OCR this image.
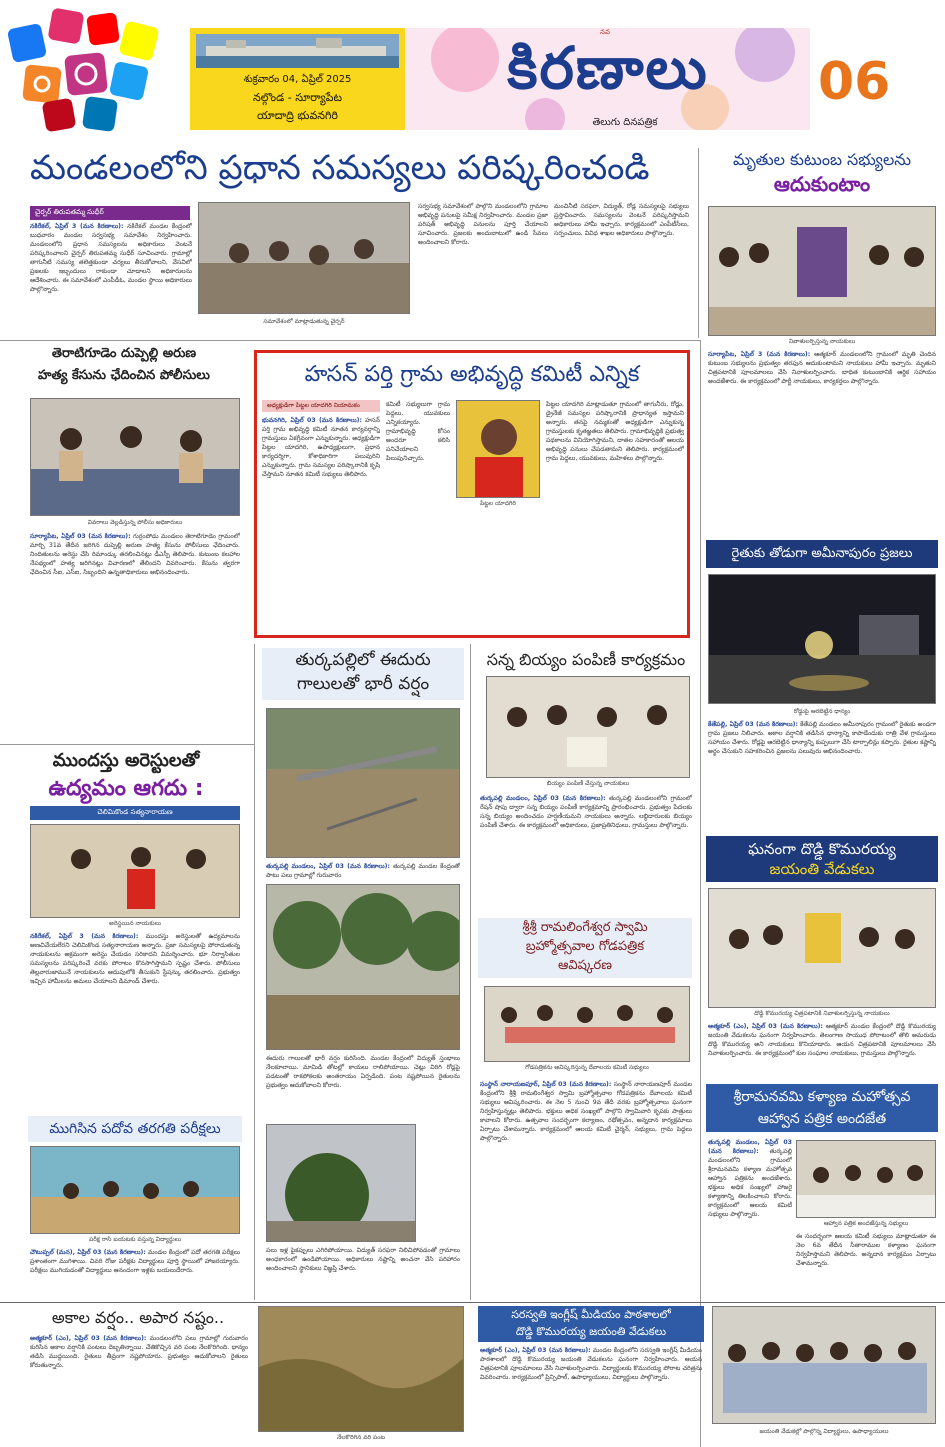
శుక్రవారం 04, ఏప్రిల్ 2025
నల్గొండ - సూర్యాపేట
యాదాద్రి భువనగిరి
నవ
కిరణాలు
తెలుగు దినపత్రిక
06
మండలంలోని ప్రధాన సమస్యలు పరిష్కరించండి
చైర్పర్ తిరుపతమ్మ సుధీర్
నకిరేకల్, ఏప్రిల్ 3 (మన కిరణాలు): నకిరేకల్ మండల కేంద్రంలో బుధవారం మండల సర్వసభ్య సమావేశం నిర్వహించారు. మండలంలోని ప్రధాన సమస్యలను అధికారులు వెంటనే పరిష్కరించాలని చైర్పర్ తిరుపతమ్మ సుధీర్ సూచించారు. గ్రామాల్లో తాగునీటి సమస్య తలెత్తకుండా చర్యలు తీసుకోవాలని, వేసవిలో ప్రజలకు ఇబ్బందులు రాకుండా చూడాలని అధికారులను ఆదేశించారు. ఈ సమావేశంలో ఎంపీడీఓ, మండల స్థాయి అధికారులు పాల్గొన్నారు.
సమావేశంలో మాట్లాడుతున్న చైర్పర్
సర్వసభ్య సమావేశంలో పాల్గొని మండలంలోని గ్రామాల అభివృద్ధి పనులపై సమీక్ష నిర్వహించారు. మండల ప్రజా పరిషత్ అభివృద్ధి పనులను పూర్తి చేయాలని సూచించారు. ప్రజలకు అందుబాటులో ఉండి సేవలు అందించాలని కోరారు.
మంచినీటి సరఫరా, విద్యుత్, రోడ్ల సమస్యలపై సభ్యులు ప్రస్తావించారు. సమస్యలను వెంటనే పరిష్కరిస్తామని అధికారులు హామీ ఇచ్చారు. కార్యక్రమంలో ఎంపీటీసీలు, సర్పంచులు, వివిధ శాఖల అధికారులు పాల్గొన్నారు.
మృతుల కుటుంబ సభ్యులను
ఆదుకుంటాం
నివాళులర్పిస్తున్న నాయకులు
సూర్యాపేట, ఏప్రిల్ 3 (మన కిరణాలు): ఆత్మకూర్ మండలంలోని గ్రామంలో మృతి చెందిన కుటుంబ సభ్యులను ప్రభుత్వం తరఫున ఆదుకుంటామని నాయకులు హామీ ఇచ్చారు. మృతుని చిత్రపటానికి పూలమాలలు వేసి నివాళులర్పించారు. బాధిత కుటుంబానికి ఆర్థిక సహాయం అందజేశారు. ఈ కార్యక్రమంలో పార్టీ నాయకులు, కార్యకర్తలు పాల్గొన్నారు.
తెరాటిగూడెం దుప్పెల్లి అరుణ
హత్య కేసును ఛేదించిన పోలీసులు
వివరాలు వెల్లడిస్తున్న పోలీసు అధికారులు
సూర్యాపేట, ఏప్రిల్ 03 (మన కిరణాలు): గుర్రంపోడు మండలం తెరాటిగూడెం గ్రామంలో మార్చి 31వ తేదీన జరిగిన దుప్పెల్లి అరుణ హత్య కేసును పోలీసులు ఛేదించారు. నిందితులను అరెస్టు చేసి రిమాండ్కు తరలించినట్లు డీఎస్పీ తెలిపారు. కుటుంబ కలహాల నేపథ్యంలో హత్య జరిగినట్లు విచారణలో తేలిందని వివరించారు. కేసును త్వరగా ఛేదించిన సీఐ, ఎస్ఐ, సిబ్బందిని ఉన్నతాధికారులు అభినందించారు.
హసన్ పర్తి గ్రామ అభివృద్ధి కమిటీ ఎన్నిక
అధ్యక్షుడిగా పిట్టల యాదగిరి నియామకం
భువనగిరి, ఏప్రిల్ 03 (మన కిరణాలు): హసన్ పర్తి గ్రామ అభివృద్ధి కమిటీ నూతన కార్యవర్గాన్ని గ్రామస్తులు ఏకగ్రీవంగా ఎన్నుకున్నారు. అధ్యక్షుడిగా పిట్టల యాదగిరి, ఉపాధ్యక్షులుగా, ప్రధాన కార్యదర్శిగా, కోశాధికారిగా పలువురిని ఎన్నుకున్నారు. గ్రామ సమస్యల పరిష్కారానికి కృషి చేస్తామని నూతన కమిటీ సభ్యులు తెలిపారు.
కమిటీ సభ్యులుగా గ్రామ పెద్దలు, యువకులు ఎన్నికయ్యారు. గ్రామాభివృద్ధి కోసం అందరూ కలిసి పనిచేయాలని పిలుపునిచ్చారు.
పిట్టల యాదగిరి
పిట్టల యాదగిరి మాట్లాడుతూ గ్రామంలో తాగునీరు, రోడ్లు, డ్రైనేజీ సమస్యల పరిష్కారానికి ప్రాధాన్యత ఇస్తామని అన్నారు. తనపై నమ్మకంతో అధ్యక్షుడిగా ఎన్నుకున్న గ్రామస్తులకు కృతజ్ఞతలు తెలిపారు. గ్రామాభివృద్ధికి ప్రభుత్వ పథకాలను వినియోగిస్తామని, దాతల సహకారంతో ఆలయ అభివృద్ధి పనులు చేపడతామని తెలిపారు. కార్యక్రమంలో గ్రామ పెద్దలు, యువకులు, మహిళలు పాల్గొన్నారు.
రైతుకు తోడుగా అమీనాపురం ప్రజలు
రోడ్డుపై ఆరబెట్టిన ధాన్యం
కేతేపల్లి, ఏప్రిల్ 03 (మన కిరణాలు): కేతేపల్లి మండలం అమీనాపురం గ్రామంలో రైతుకు అండగా గ్రామ ప్రజలు నిలిచారు. అకాల వర్షానికి తడిసిన ధాన్యాన్ని కాపాడేందుకు రాత్రి వేళ గ్రామస్తులు సహాయం చేశారు. రోడ్లపై ఆరబెట్టిన ధాన్యాన్ని కుప్పలుగా చేసి టార్పాలిన్లు కప్పారు. రైతుల కష్టాన్ని అర్థం చేసుకుని సహకరించిన ప్రజలను పలువురు అభినందించారు.
ఘనంగా దొడ్డి కొమురయ్య
జయంతి వేడుకలు
దొడ్డి కొమురయ్య చిత్రపటానికి నివాళులర్పిస్తున్న నాయకులు
ఆత్మకూర్ (ఎం), ఏప్రిల్ 03 (మన కిరణాలు): ఆత్మకూర్ మండల కేంద్రంలో దొడ్డి కొమురయ్య జయంతి వేడుకలను ఘనంగా నిర్వహించారు. తెలంగాణ సాయుధ పోరాటంలో తొలి అమరుడు దొడ్డి కొమురయ్య అని నాయకులు కొనియాడారు. ఆయన చిత్రపటానికి పూలమాలలు వేసి నివాళులర్పించారు. ఈ కార్యక్రమంలో కుల సంఘాల నాయకులు, గ్రామస్తులు పాల్గొన్నారు.
శ్రీరామనవమి కళ్యాణ మహోత్సవ
ఆహ్వాన పత్రిక అందజేత
తుర్కపల్లి మండలం, ఏప్రిల్ 03 (మన కిరణాలు): తుర్కపల్లి మండలంలోని గ్రామంలో శ్రీరామనవమి కళ్యాణ మహోత్సవ ఆహ్వాన పత్రికను అందజేశారు. భక్తులు అధిక సంఖ్యలో హాజరై కళ్యాణాన్ని తిలకించాలని కోరారు. కార్యక్రమంలో ఆలయ కమిటీ సభ్యులు పాల్గొన్నారు.
ఆహ్వాన పత్రిక అందజేస్తున్న సభ్యులు
ఈ సందర్భంగా ఆలయ కమిటీ సభ్యులు మాట్లాడుతూ ఈ నెల 6వ తేదీన సీతారాముల కళ్యాణం ఘనంగా నిర్వహిస్తామని తెలిపారు. అన్నదాన కార్యక్రమం ఏర్పాటు చేశామన్నారు.
ముందస్తు అరెస్టులతో
ఉద్యమం ఆగదు :
చెలిమికొండ సత్యనారాయణ
అరెస్టయిన నాయకులు
నకిరేకల్, ఏప్రిల్ 3 (మన కిరణాలు): ముందస్తు అరెస్టులతో ఉద్యమాలను అణచివేయలేరని చెలిమికొండ సత్యనారాయణ అన్నారు. ప్రజా సమస్యలపై పోరాడుతున్న నాయకులను అక్రమంగా అరెస్టు చేయడం సరికాదని విమర్శించారు. భూ నిర్వాసితుల సమస్యలను పరిష్కరించే వరకు పోరాటం కొనసాగిస్తామని స్పష్టం చేశారు. పోలీసులు తెల్లవారుజామునే నాయకులను అదుపులోకి తీసుకుని స్టేషన్కు తరలించారు. ప్రభుత్వం ఇచ్చిన హామీలను అమలు చేయాలని డిమాండ్ చేశారు.
ముగిసిన పదోవ తరగతి పరీక్షలు
పరీక్ష రాసి బయటకు వస్తున్న విద్యార్థులు
చౌటుప్పల్ (మన), ఏప్రిల్ 03 (మన కిరణాలు): మండల కేంద్రంలో పదో తరగతి పరీక్షలు ప్రశాంతంగా ముగిశాయి. చివరి రోజు పరీక్షకు విద్యార్థులు పూర్తి స్థాయిలో హాజరయ్యారు. పరీక్షలు ముగియడంతో విద్యార్థులు ఆనందంగా ఇళ్లకు బయలుదేరారు.
తుర్కపల్లిలో ఈదురు
గాలులతో భారీ వర్షం
తుర్కపల్లి మండలం, ఏప్రిల్ 03 (మన కిరణాలు): తుర్కపల్లి మండల కేంద్రంతో పాటు పలు గ్రామాల్లో గురువారం
ఈదురు గాలులతో భారీ వర్షం కురిసింది. మండల కేంద్రంలో విద్యుత్ స్తంభాలు నేలకూలాయి. మామిడి తోటల్లో కాయలు రాలిపోయాయి. చెట్లు విరిగి రోడ్లపై పడటంతో రాకపోకలకు అంతరాయం ఏర్పడింది. పంట నష్టపోయిన రైతులను ప్రభుత్వం ఆదుకోవాలని కోరారు.
పలు ఇళ్ల పైకప్పులు ఎగిరిపోయాయి. విద్యుత్ సరఫరా నిలిచిపోవడంతో గ్రామాలు అంధకారంలో ఉండిపోయాయి. అధికారులు నష్టాన్ని అంచనా వేసి పరిహారం అందించాలని స్థానికులు విజ్ఞప్తి చేశారు.
సన్న బియ్యం పంపిణీ కార్యక్రమం
బియ్యం పంపిణీ చేస్తున్న నాయకులు
తుర్కపల్లి మండలం, ఏప్రిల్ 03 (మన కిరణాలు): తుర్కపల్లి మండలంలోని గ్రామంలో రేషన్ షాపు ద్వారా సన్న బియ్యం పంపిణీ కార్యక్రమాన్ని ప్రారంభించారు. ప్రభుత్వం పేదలకు సన్న బియ్యం అందించడం హర్షణీయమని నాయకులు అన్నారు. లబ్ధిదారులకు బియ్యం పంపిణీ చేశారు. ఈ కార్యక్రమంలో అధికారులు, ప్రజాప్రతినిధులు, గ్రామస్తులు పాల్గొన్నారు.
శ్రీశ్రీ రామలింగేశ్వర స్వామి
బ్రహ్మోత్సవాల గోడపత్రిక
ఆవిష్కరణ
గోడపత్రికను ఆవిష్కరిస్తున్న దేవాలయ కమిటీ సభ్యులు
సంస్థాన్ నారాయణపూర్, ఏప్రిల్ 03 (మన కిరణాలు): సంస్థాన్ నారాయణపూర్ మండల కేంద్రంలోని శ్రీశ్రీ రామలింగేశ్వర స్వామి బ్రహ్మోత్సవాల గోడపత్రికను దేవాలయ కమిటీ సభ్యులు ఆవిష్కరించారు. ఈ నెల 5 నుంచి 9వ తేదీ వరకు బ్రహ్మోత్సవాలు ఘనంగా నిర్వహిస్తున్నట్లు తెలిపారు. భక్తులు అధిక సంఖ్యలో పాల్గొని స్వామివారి కృపకు పాత్రులు కావాలని కోరారు. ఉత్సవాల సందర్భంగా కల్యాణం, రథోత్సవం, అన్నదాన కార్యక్రమాలు ఏర్పాటు చేశామన్నారు. కార్యక్రమంలో ఆలయ కమిటీ చైర్మన్, సభ్యులు, గ్రామ పెద్దలు పాల్గొన్నారు.
అకాల వర్షం.. అపార నష్టం..
ఆత్మకూర్ (ఎం), ఏప్రిల్ 03 (మన కిరణాలు): మండలంలోని పలు గ్రామాల్లో గురువారం కురిసిన అకాల వర్షానికి పంటలు దెబ్బతిన్నాయి. చేతికొచ్చిన వరి పంట నేలకొరిగింది. ధాన్యం తడిసి ముద్దయింది. రైతులు తీవ్రంగా నష్టపోయారు. ప్రభుత్వం ఆదుకోవాలని రైతులు కోరుతున్నారు.
నేలకొరిగిన వరి పంట
సరస్వతి ఇంగ్లీష్ మీడియం పాఠశాలలో
దొడ్డి కొమురయ్య జయంతి వేడుకలు
ఆత్మకూర్ (ఎం), ఏప్రిల్ 03 (మన కిరణాలు): మండల కేంద్రంలోని సరస్వతి ఇంగ్లీష్ మీడియం పాఠశాలలో దొడ్డి కొమురయ్య జయంతి వేడుకలను ఘనంగా నిర్వహించారు. ఆయన చిత్రపటానికి పూలమాలలు వేసి నివాళులర్పించారు. విద్యార్థులకు కొమురయ్య పోరాట చరిత్రను వివరించారు. కార్యక్రమంలో ప్రిన్సిపాల్, ఉపాధ్యాయులు, విద్యార్థులు పాల్గొన్నారు.
జయంతి వేడుకల్లో పాల్గొన్న విద్యార్థులు, ఉపాధ్యాయులు
